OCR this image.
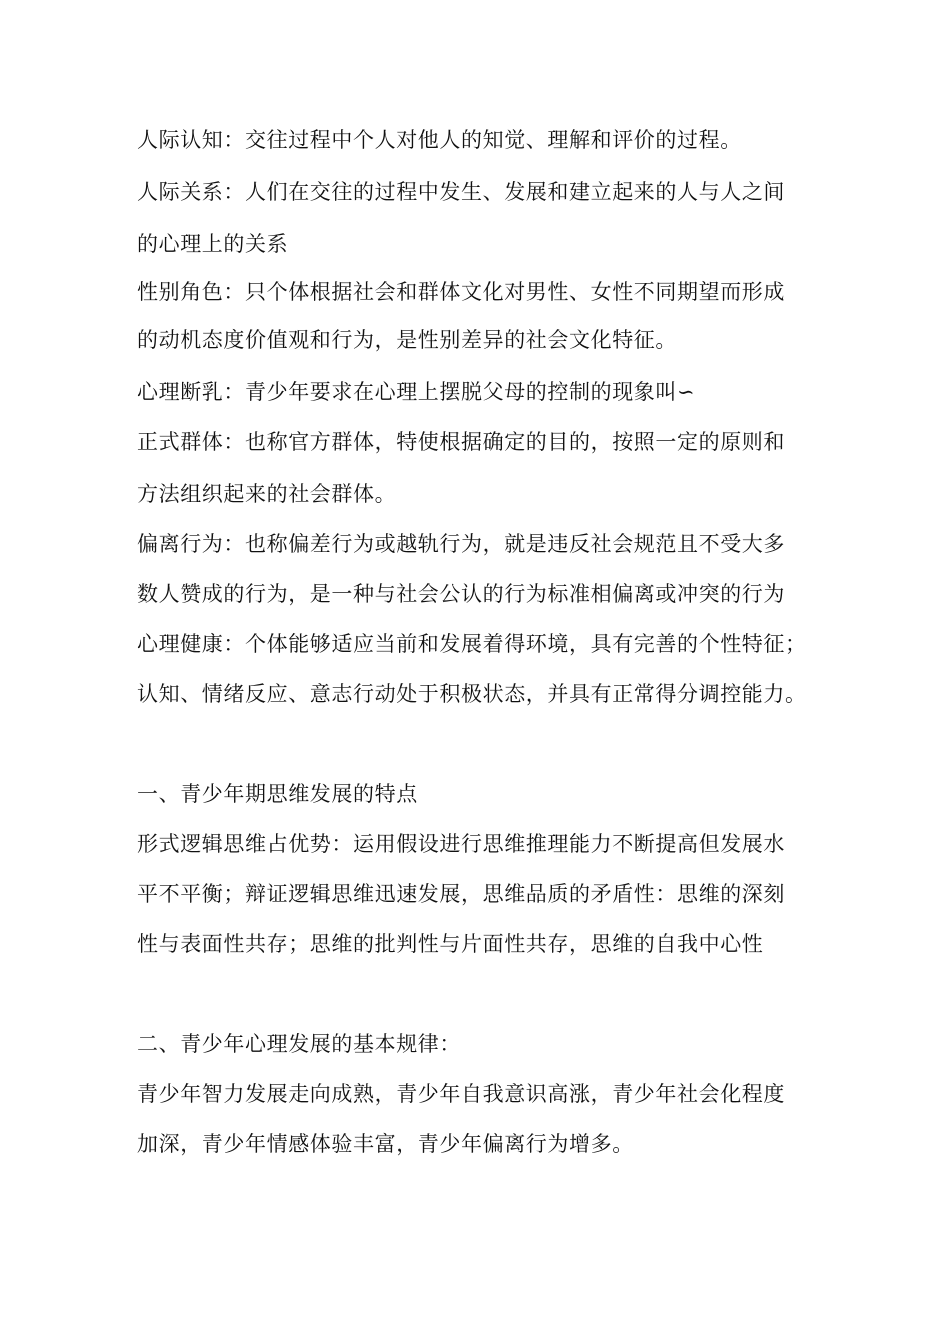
人际认知：交往过程中个人对他人的知觉、理解和评价的过程。
人际关系：人们在交往的过程中发生、发展和建立起来的人与人之间
的心理上的关系
性别角色：只个体根据社会和群体文化对男性、女性不同期望而形成
的动机态度价值观和行为，是性别差异的社会文化特征。
心理断乳：青少年要求在心理上摆脱父母的控制的现象叫∽
正式群体：也称官方群体，特使根据确定的目的，按照一定的原则和
方法组织起来的社会群体。
偏离行为：也称偏差行为或越轨行为，就是违反社会规范且不受大多
数人赞成的行为，是一种与社会公认的行为标准相偏离或冲突的行为
心理健康：个体能够适应当前和发展着得环境，具有完善的个性特征；
认知、情绪反应、意志行动处于积极状态，并具有正常得分调控能力。
一、青少年期思维发展的特点
形式逻辑思维占优势：运用假设进行思维推理能力不断提高但发展水
平不平衡；辩证逻辑思维迅速发展，思维品质的矛盾性：思维的深刻
性与表面性共存；思维的批判性与片面性共存，思维的自我中心性
二、青少年心理发展的基本规律：
青少年智力发展走向成熟，青少年自我意识高涨，青少年社会化程度
加深，青少年情感体验丰富，青少年偏离行为增多。
